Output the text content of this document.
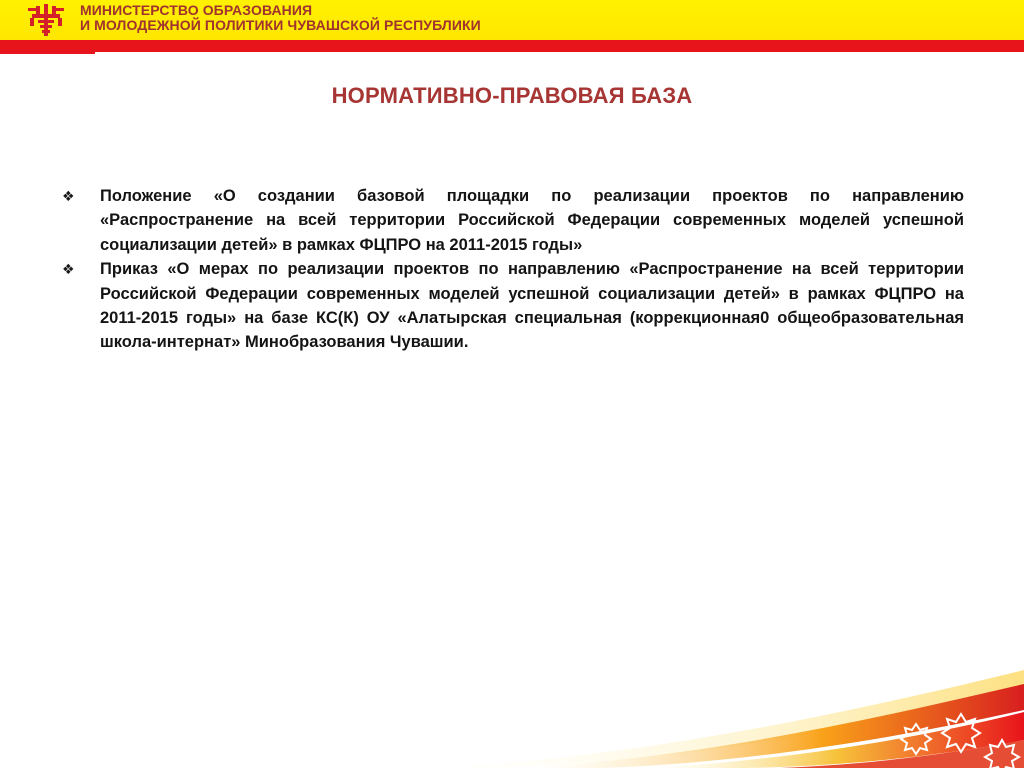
МИНИСТЕРСТВО ОБРАЗОВАНИЯ
И МОЛОДЕЖНОЙ ПОЛИТИКИ ЧУВАШСКОЙ РЕСПУБЛИКИ
НОРМАТИВНО-ПРАВОВАЯ БАЗА
❖ Положение «О создании базовой площадки по реализации проектов по направлению «Распространение на всей территории Российской Федерации современных моделей успешной социализации детей» в рамках ФЦПРО на 2011-2015 годы»
❖ Приказ «О мерах по реализации проектов по направлению «Распространение на всей территории Российской Федерации современных моделей успешной социализации детей» в рамках ФЦПРО на 2011-2015 годы» на базе КС(К) ОУ «Алатырская специальная (коррекционная0 общеобразовательная школа-интернат» Минобразования Чувашии.
